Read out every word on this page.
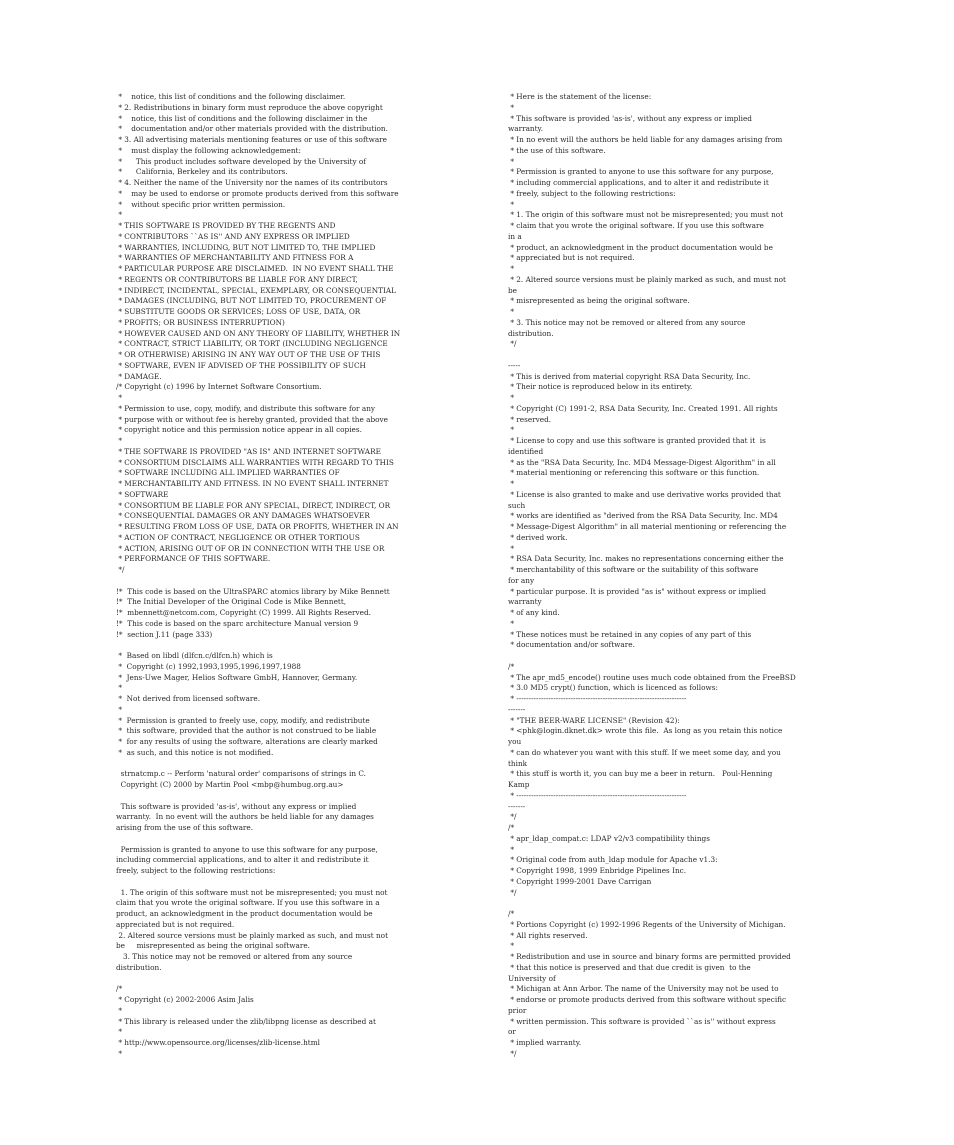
*    notice, this list of conditions and the following disclaimer.
* 2. Redistributions in binary form must reproduce the above copyright
*    notice, this list of conditions and the following disclaimer in the
*    documentation and/or other materials provided with the distribution.
* 3. All advertising materials mentioning features or use of this software
*    must display the following acknowledgement:
*      This product includes software developed by the University of
*      California, Berkeley and its contributors.
* 4. Neither the name of the University nor the names of its contributors
*    may be used to endorse or promote products derived from this software
*    without specific prior written permission.
*
* THIS SOFTWARE IS PROVIDED BY THE REGENTS AND
* CONTRIBUTORS ``AS IS'' AND ANY EXPRESS OR IMPLIED
* WARRANTIES, INCLUDING, BUT NOT LIMITED TO, THE IMPLIED
* WARRANTIES OF MERCHANTABILITY AND FITNESS FOR A
* PARTICULAR PURPOSE ARE DISCLAIMED.  IN NO EVENT SHALL THE
* REGENTS OR CONTRIBUTORS BE LIABLE FOR ANY DIRECT,
* INDIRECT, INCIDENTAL, SPECIAL, EXEMPLARY, OR CONSEQUENTIAL
* DAMAGES (INCLUDING, BUT NOT LIMITED TO, PROCUREMENT OF
* SUBSTITUTE GOODS OR SERVICES; LOSS OF USE, DATA, OR
* PROFITS; OR BUSINESS INTERRUPTION)
* HOWEVER CAUSED AND ON ANY THEORY OF LIABILITY, WHETHER IN
* CONTRACT, STRICT LIABILITY, OR TORT (INCLUDING NEGLIGENCE
* OR OTHERWISE) ARISING IN ANY WAY OUT OF THE USE OF THIS
* SOFTWARE, EVEN IF ADVISED OF THE POSSIBILITY OF SUCH
* DAMAGE.
/* Copyright (c) 1996 by Internet Software Consortium.
*
* Permission to use, copy, modify, and distribute this software for any
* purpose with or without fee is hereby granted, provided that the above
* copyright notice and this permission notice appear in all copies.
*
* THE SOFTWARE IS PROVIDED "AS IS" AND INTERNET SOFTWARE
* CONSORTIUM DISCLAIMS ALL WARRANTIES WITH REGARD TO THIS
* SOFTWARE INCLUDING ALL IMPLIED WARRANTIES OF
* MERCHANTABILITY AND FITNESS. IN NO EVENT SHALL INTERNET
* SOFTWARE
* CONSORTIUM BE LIABLE FOR ANY SPECIAL, DIRECT, INDIRECT, OR
* CONSEQUENTIAL DAMAGES OR ANY DAMAGES WHATSOEVER
* RESULTING FROM LOSS OF USE, DATA OR PROFITS, WHETHER IN AN
* ACTION OF CONTRACT, NEGLIGENCE OR OTHER TORTIOUS
* ACTION, ARISING OUT OF OR IN CONNECTION WITH THE USE OR
* PERFORMANCE OF THIS SOFTWARE.
*/

!*  This code is based on the UltraSPARC atomics library by Mike Bennett
!*  The Initial Developer of the Original Code is Mike Bennett,
!*  mbennett@netcom.com, Copyright (C) 1999. All Rights Reserved.
!*  This code is based on the sparc architecture Manual version 9
!*  section J.11 (page 333)

*  Based on libdl (dlfcn.c/dlfcn.h) which is
*  Copyright (c) 1992,1993,1995,1996,1997,1988
*  Jens-Uwe Mager, Helios Software GmbH, Hannover, Germany.
*
*  Not derived from licensed software.
*
*  Permission is granted to freely use, copy, modify, and redistribute
*  this software, provided that the author is not construed to be liable
*  for any results of using the software, alterations are clearly marked
*  as such, and this notice is not modified.

strnatcmp.c -- Perform 'natural order' comparisons of strings in C.
Copyright (C) 2000 by Martin Pool <mbp@humbug.org.au>

This software is provided 'as-is', without any express or implied
warranty.  In no event will the authors be held liable for any damages
arising from the use of this software.

Permission is granted to anyone to use this software for any purpose,
including commercial applications, and to alter it and redistribute it
freely, subject to the following restrictions:

1. The origin of this software must not be misrepresented; you must not
claim that you wrote the original software. If you use this software in a
product, an acknowledgment in the product documentation would be
appreciated but is not required.
2. Altered source versions must be plainly marked as such, and must not
be     misrepresented as being the original software.
3. This notice may not be removed or altered from any source
distribution.

/*
* Copyright (c) 2002-2006 Asim Jalis
*
* This library is released under the zlib/libpng license as described at
*
* http://www.opensource.org/licenses/zlib-license.html
*
* Here is the statement of the license:
*
* This software is provided 'as-is', without any express or implied
warranty.
* In no event will the authors be held liable for any damages arising from
* the use of this software.
*
* Permission is granted to anyone to use this software for any purpose,
* including commercial applications, and to alter it and redistribute it
* freely, subject to the following restrictions:
*
* 1. The origin of this software must not be misrepresented; you must not
* claim that you wrote the original software. If you use this software
in a
* product, an acknowledgment in the product documentation would be
* appreciated but is not required.
*
* 2. Altered source versions must be plainly marked as such, and must not
be
* misrepresented as being the original software.
*
* 3. This notice may not be removed or altered from any source
distribution.
*/

-----
* This is derived from material copyright RSA Data Security, Inc.
* Their notice is reproduced below in its entirety.
*
* Copyright (C) 1991-2, RSA Data Security, Inc. Created 1991. All rights
* reserved.
*
* License to copy and use this software is granted provided that it  is
identified
* as the "RSA Data Security, Inc. MD4 Message-Digest Algorithm" in all
* material mentioning or referencing this software or this function.
*
* License is also granted to make and use derivative works provided that
such
* works are identified as "derived from the RSA Data Security, Inc. MD4
* Message-Digest Algorithm" in all material mentioning or referencing the
* derived work.
*
* RSA Data Security, Inc. makes no representations concerning either the
* merchantability of this software or the suitability of this software
for any
* particular purpose. It is provided "as is" without express or implied
warranty
* of any kind.
*
* These notices must be retained in any copies of any part of this
* documentation and/or software.

/*
* The apr_md5_encode() routine uses much code obtained from the FreeBSD
* 3.0 MD5 crypt() function, which is licenced as follows:
* ---------------------------------------------------------------------
-------
* "THE BEER-WARE LICENSE" (Revision 42):
* <phk@login.dknet.dk> wrote this file.  As long as you retain this notice
you
* can do whatever you want with this stuff. If we meet some day, and you
think
* this stuff is worth it, you can buy me a beer in return.   Poul-Henning
Kamp
* ---------------------------------------------------------------------
-------
*/
/*
* apr_ldap_compat.c: LDAP v2/v3 compatibility things
*
* Original code from auth_ldap module for Apache v1.3:
* Copyright 1998, 1999 Enbridge Pipelines Inc.
* Copyright 1999-2001 Dave Carrigan
*/

/*
* Portions Copyright (c) 1992-1996 Regents of the University of Michigan.
* All rights reserved.
*
* Redistribution and use in source and binary forms are permitted provided
* that this notice is preserved and that due credit is given  to the
University of
* Michigan at Ann Arbor. The name of the University may not be used to
* endorse or promote products derived from this software without specific
prior
* written permission. This software is provided ``as is'' without express
or
* implied warranty.
*/
